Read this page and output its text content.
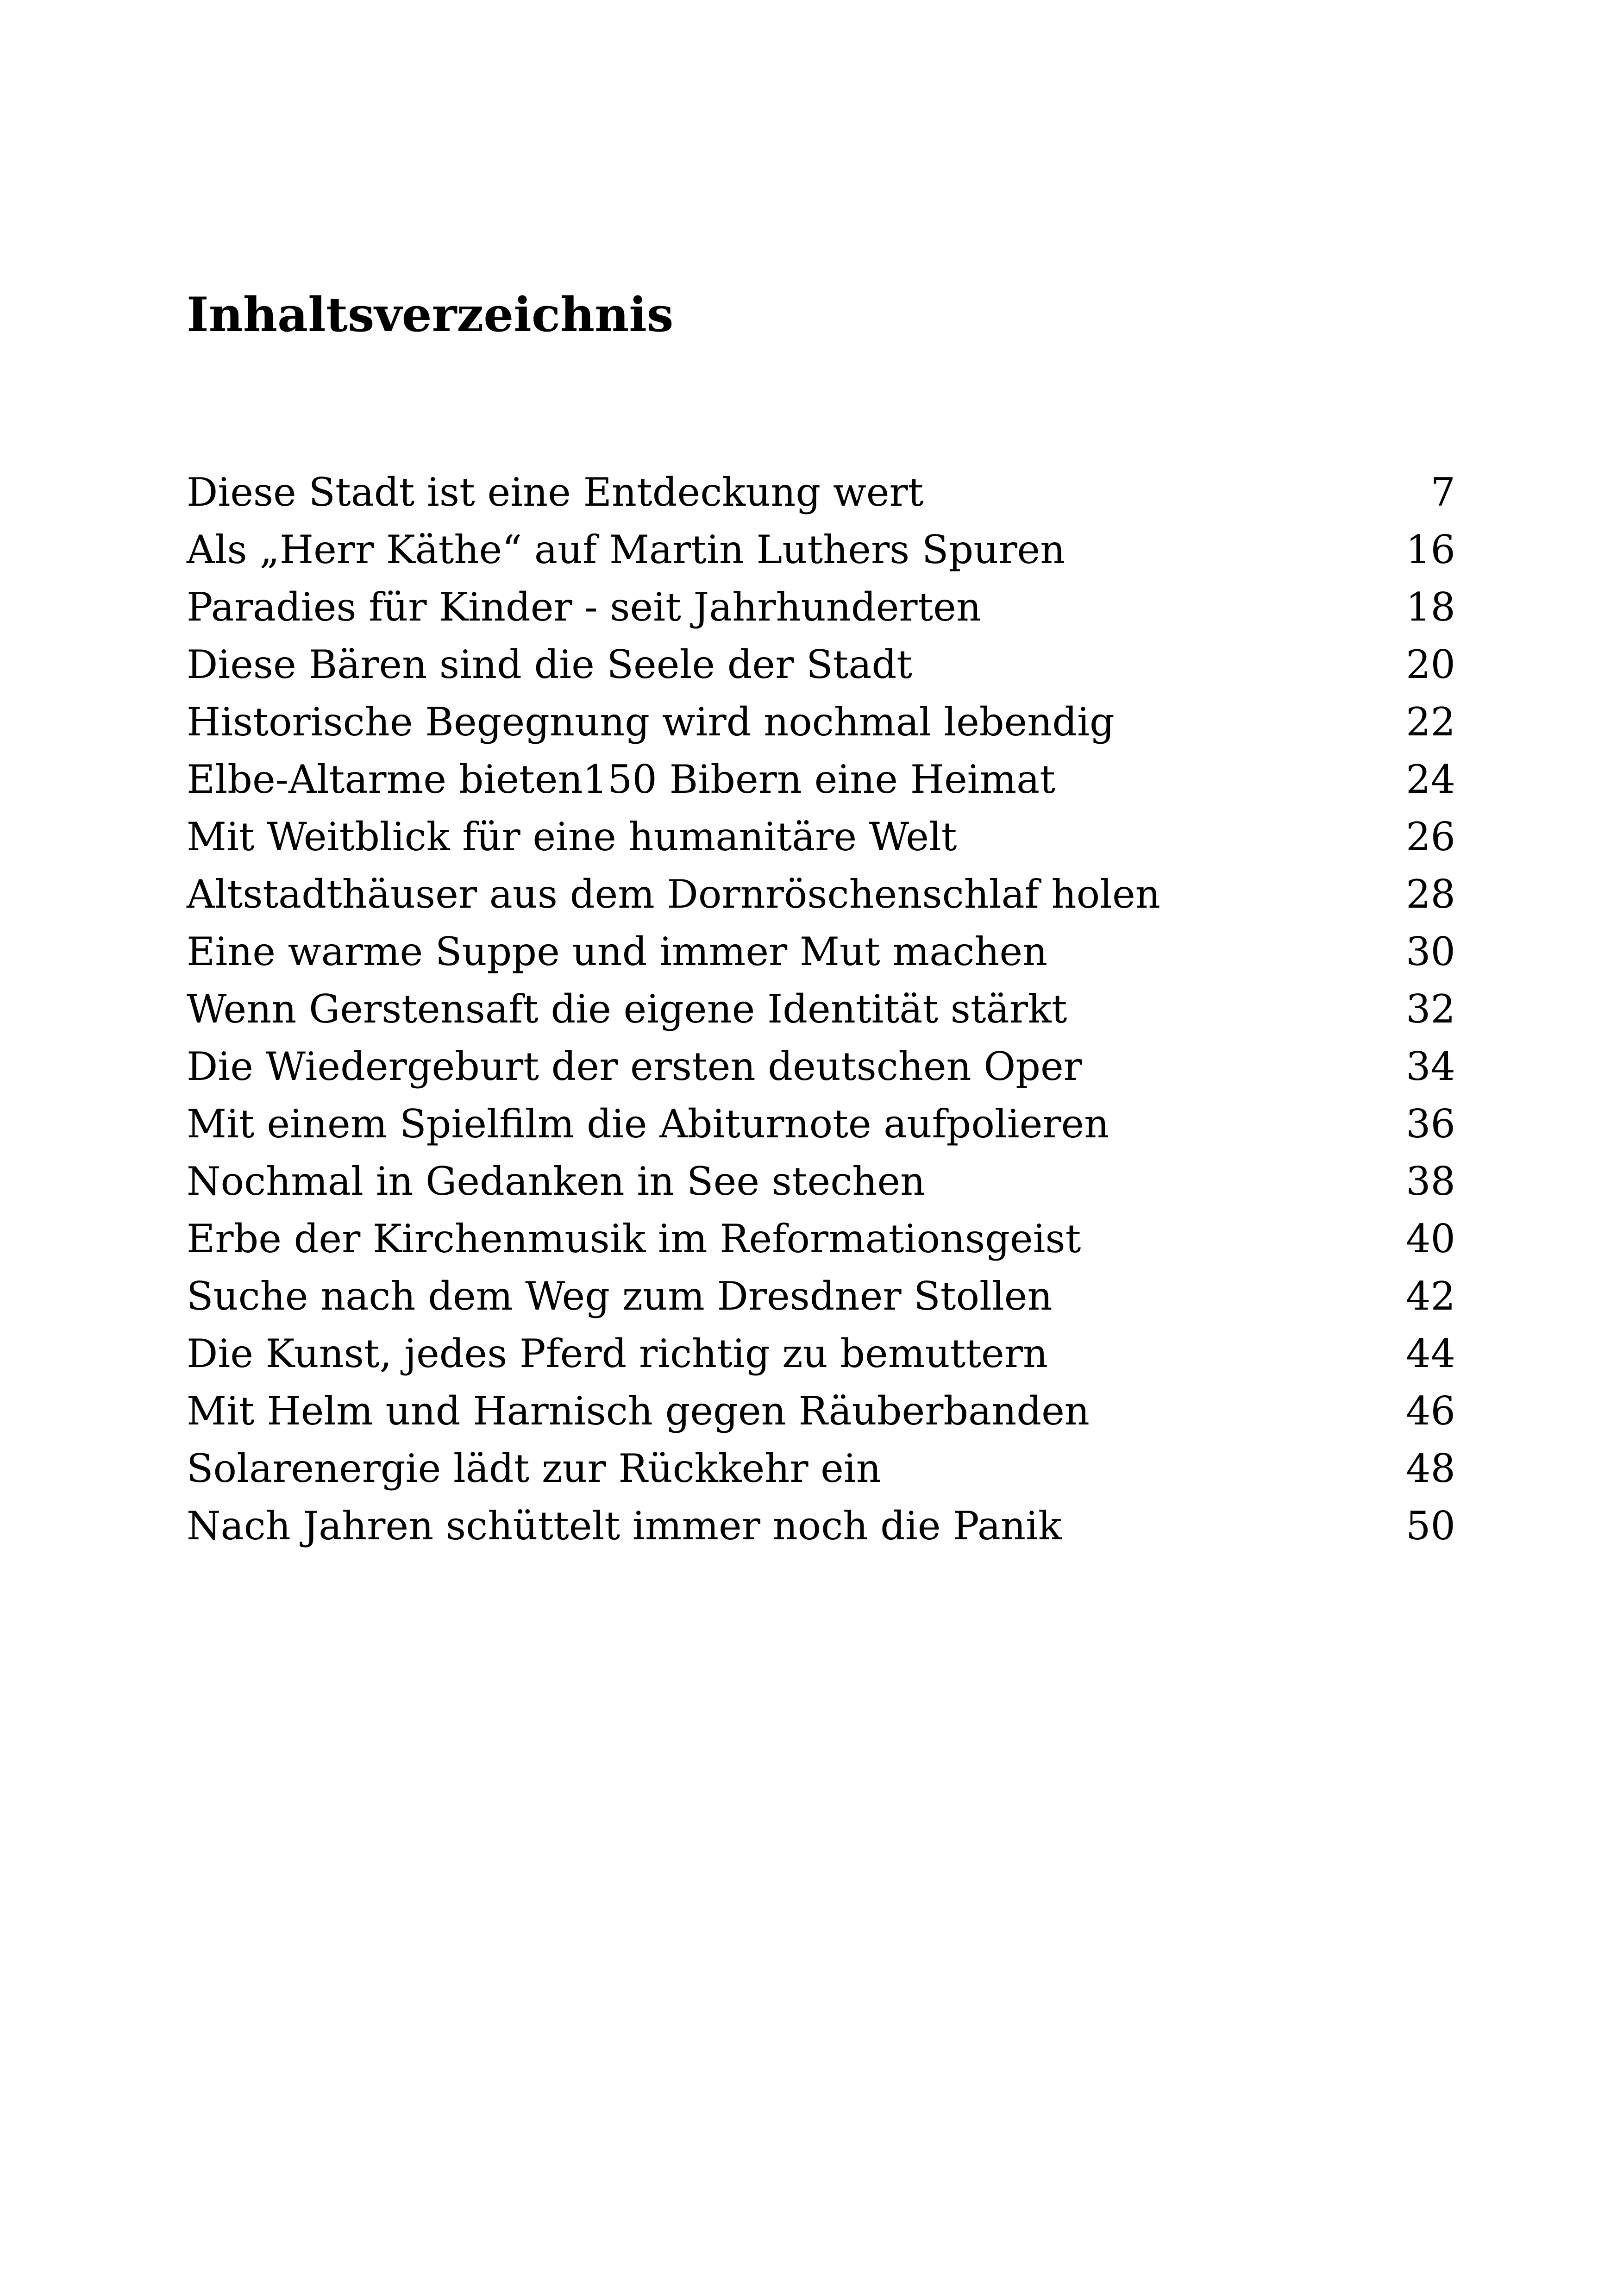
Inhaltsverzeichnis
Diese Stadt ist eine Entdeckung wert	7
Als „Herr Käthe“ auf Martin Luthers Spuren	16
Paradies für Kinder - seit Jahrhunderten	18
Diese Bären sind die Seele der Stadt	20
Historische Begegnung wird nochmal lebendig	22
Elbe-Altarme bieten150 Bibern eine Heimat	24
Mit Weitblick für eine humanitäre Welt	26
Altstadthäuser aus dem Dornröschenschlaf holen	28
Eine warme Suppe und immer Mut machen	30
Wenn Gerstensaft die eigene Identität stärkt	32
Die Wiedergeburt der ersten deutschen Oper	34
Mit einem Spielfilm die Abiturnote aufpolieren	36
Nochmal in Gedanken in See stechen	38
Erbe der Kirchenmusik im Reformationsgeist	40
Suche nach dem Weg zum Dresdner Stollen	42
Die Kunst, jedes Pferd richtig zu bemuttern	44
Mit Helm und Harnisch gegen Räuberbanden	46
Solarenergie lädt zur Rückkehr ein	48
Nach Jahren schüttelt immer noch die Panik	50
